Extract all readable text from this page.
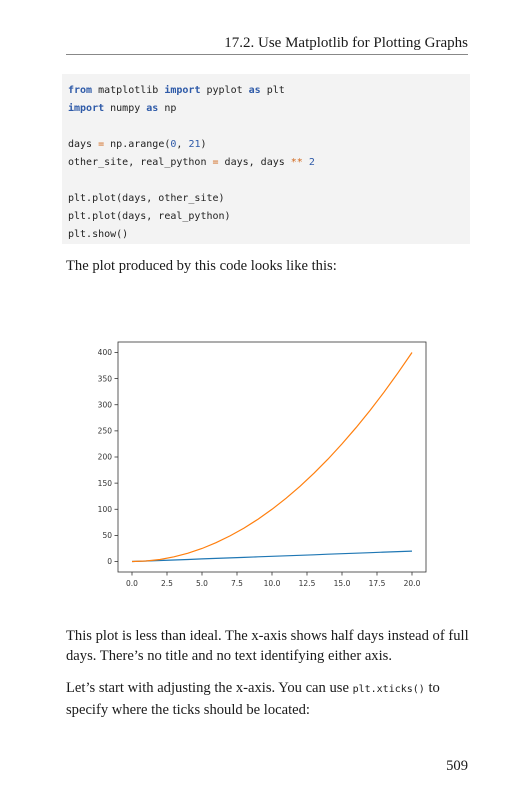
17.2. Use Matplotlib for Plotting Graphs
from matplotlib import pyplot as plt
import numpy as np

days = np.arange(0, 21)
other_site, real_python = days, days ** 2

plt.plot(days, other_site)
plt.plot(days, real_python)
plt.show()

The plot produced by this code looks like this:

0.0	2.5	5.0	7.5	10.0 12.5 15.0 17.5 20.0
0
50
100
150
200
250
300
350
400

This plot is less than ideal. The x-axis shows half days instead of full days. There’s no title and no text identifying either axis.

Let’s start with adjusting the x-axis. You can use plt.xticks() to specify where the ticks should be located:

509
